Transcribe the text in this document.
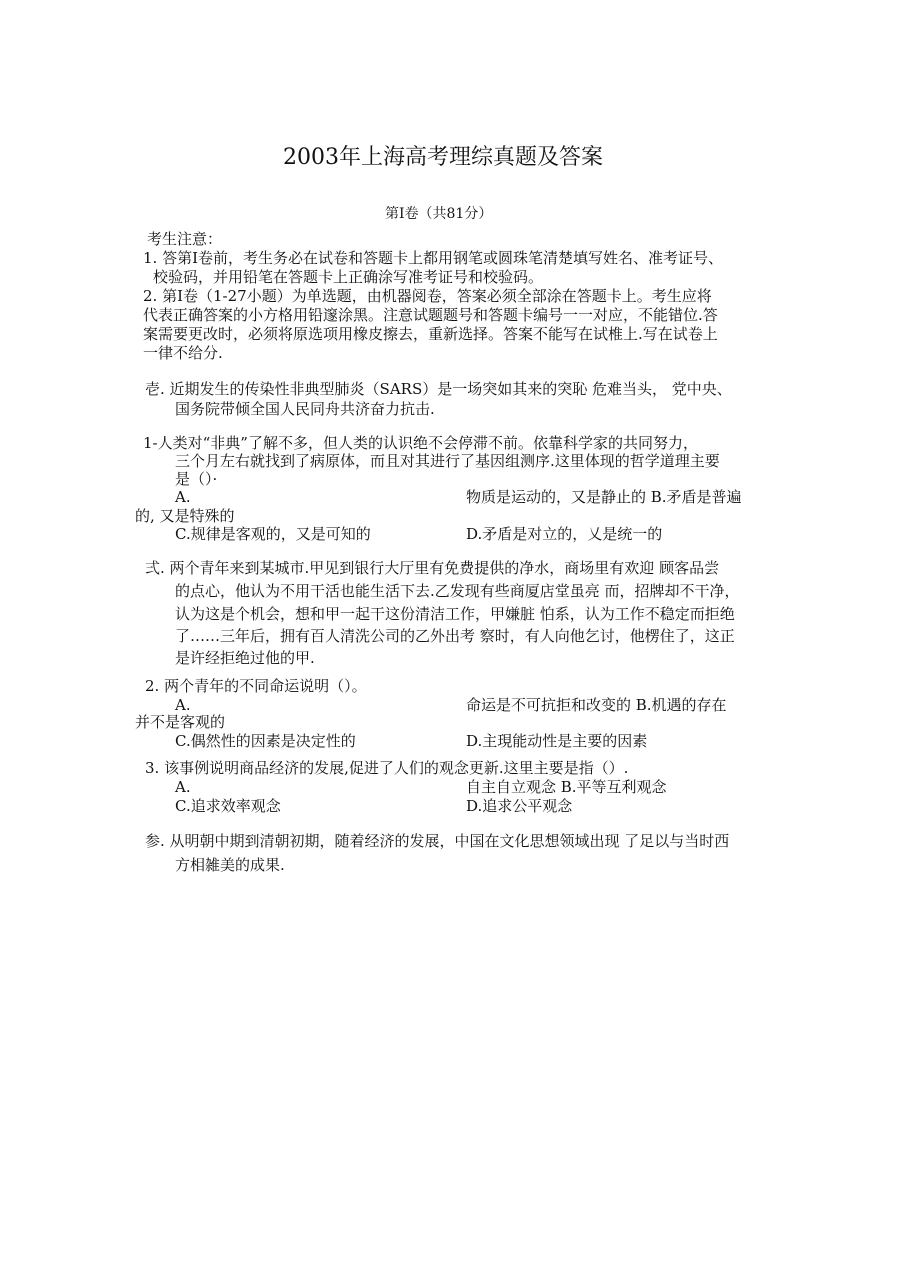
2003年上海高考理综真题及答案
第I卷（共81分）
考生注意：
1. 答第I卷前，考生务必在试卷和答题卡上都用钢笔或圆珠笔清楚填写姓名、准考证号、
校验码，并用铅笔在答题卡上正确涂写准考证号和校验码。
2. 第I卷（1-27小题）为单选题，由机器阅卷，答案必须全部涂在答题卡上。考生应将
代表正确答案的小方格用铅邃涂黑。注意试题题号和答题卡编号一一对应，不能错位.答
案需要更改时，必须将原选项用橡皮擦去，重新选择。答案不能写在试椎上.写在试卷上
一律不给分.
壱. 近期发生的传染性非典型肺炎（SARS）是一场突如其来的突恥 危难当头， 党中央、
国务院带倾全国人民同舟共济奋力抗击.
1-人类对“非典”了解不多，但人类的认识绝不会停滞不前。依靠科学家的共同努力，
三个月左右就找到了病原体，而且对其进行了基因组测序.这里体现的哲学道理主要
是（）·
A.	物质是运动的，又是静止的 B.矛盾是普遍
的, 又是特殊的
C.规律是客观的，又是可知的	D.矛盾是对立的，乂是统一的
弍. 两个青年来到某城市.甲见到银行大厅里有免费提供的净水，商场里有欢迎 顾客品尝
的点心，他认为不用干活也能生活下去.乙发现有些商厦店堂虽亮 而，招牌却不干净，
认为这是个机会，想和甲一起干这份清洁工作，甲嫌脏 怕系，认为工作不稳定而拒绝
了……三年后，拥有百人清洗公司的乙外出考 察时，有人向他乞讨，他楞住了，这正
是许经拒绝过他的甲.
2. 两个青年的不同命运说明（）。
A.	命运是不可抗拒和改变的 B.机遇的存在
并不是客观的
C.偶然性的因素是决定性的	D.主現能动性是主要的因素
3. 该事例说明商品经济的发展,促进了人们的观念更新.这里主要是指（）.
A.	自主自立观念 B.平等互利观念
C.追求效率观念	D.追求公平观念
参. 从明朝中期到清朝初期，随着经济的发展，中国在文化思想领域出现 了足以与当时西
方相雑美的成果.
